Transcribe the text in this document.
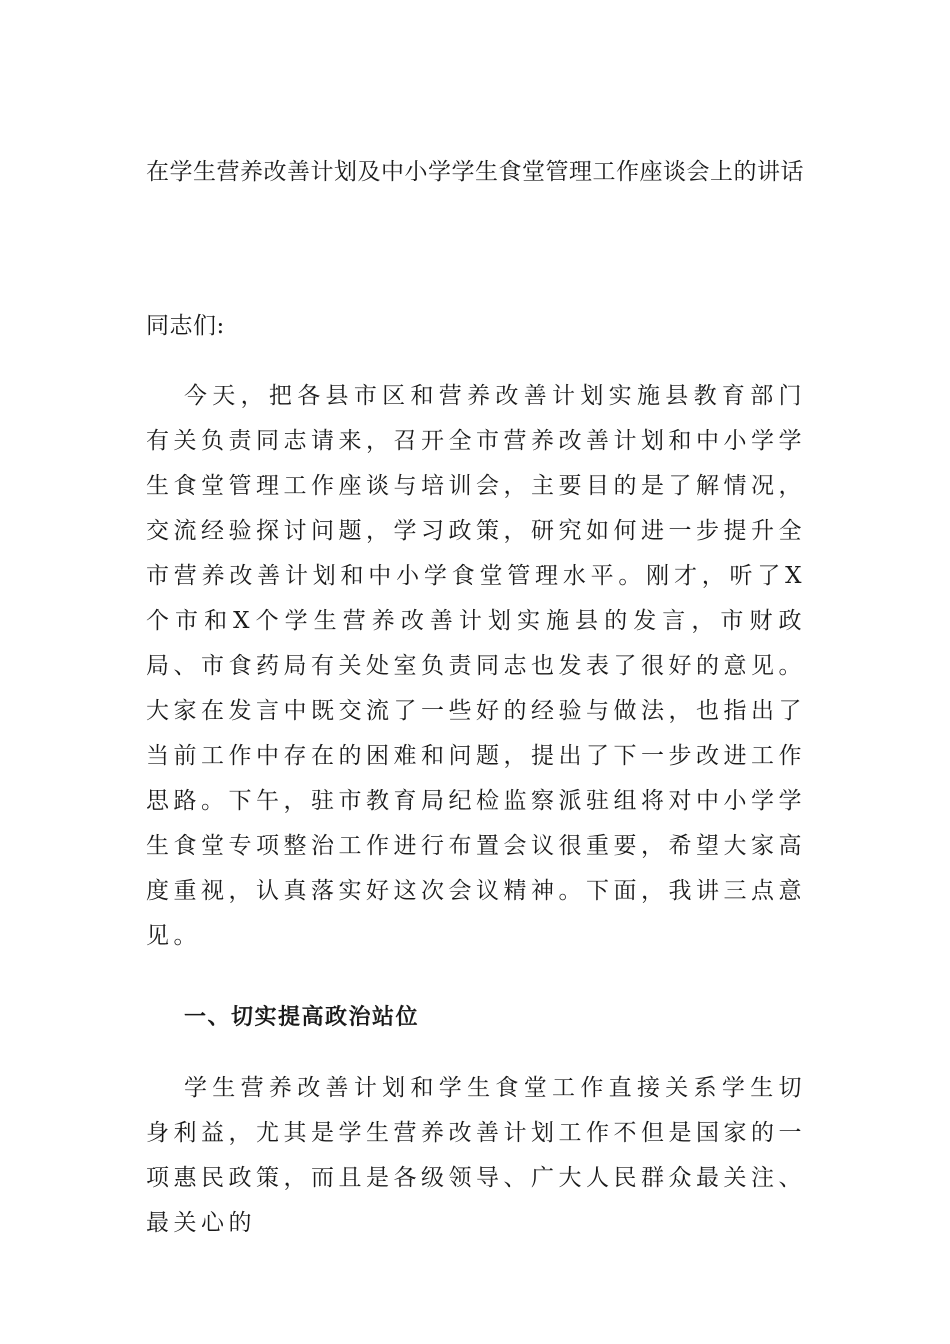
在学生营养改善计划及中小学学生食堂管理工作座谈会上的讲话
同志们:
今天，把各县市区和营养改善计划实施县教育部门有关负责同志请来，召开全市营养改善计划和中小学学生食堂管理工作座谈与培训会，主要目的是了解情况，交流经验探讨问题，学习政策，研究如何进一步提升全市营养改善计划和中小学食堂管理水平。刚才，听了X个市和X个学生营养改善计划实施县的发言，市财政局、市食药局有关处室负责同志也发表了很好的意见。大家在发言中既交流了一些好的经验与做法，也指出了当前工作中存在的困难和问题，提出了下一步改进工作思路。下午，驻市教育局纪检监察派驻组将对中小学学生食堂专项整治工作进行布置会议很重要，希望大家高度重视，认真落实好这次会议精神。下面，我讲三点意见。
一、切实提高政治站位
学生营养改善计划和学生食堂工作直接关系学生切身利益，尤其是学生营养改善计划工作不但是国家的一项惠民政策，而且是各级领导、广大人民群众最关注、最关心的
